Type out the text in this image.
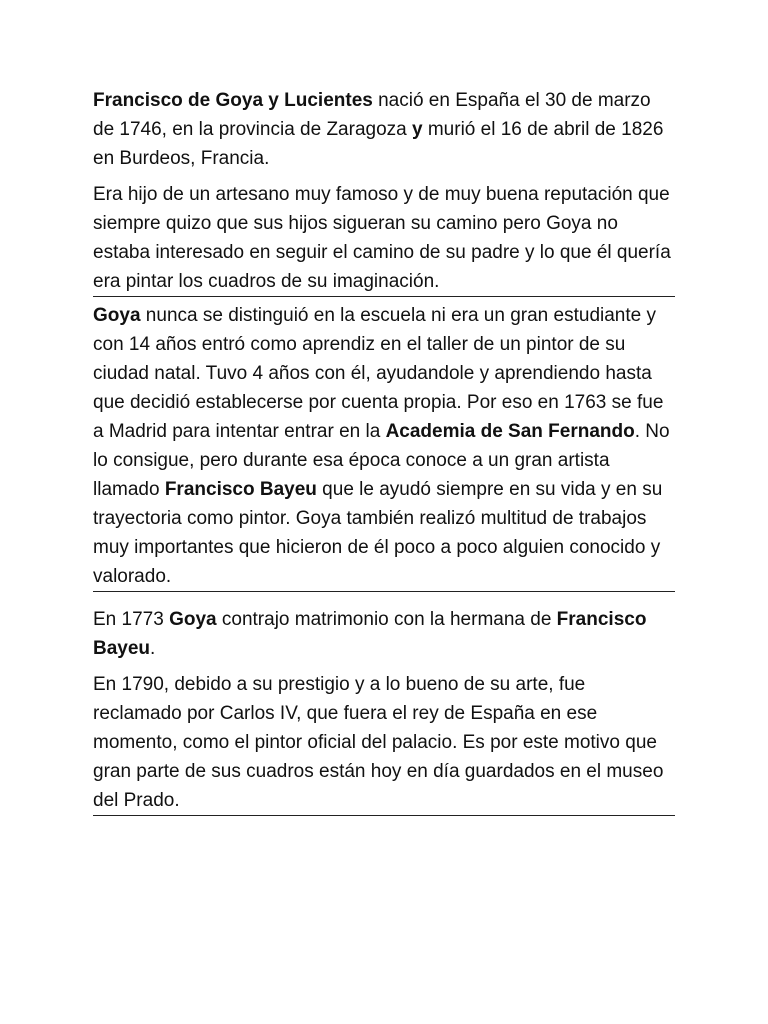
Francisco de Goya y Lucientes nació en España el 30 de marzo de 1746, en la provincia de Zaragoza y murió el 16 de abril de 1826 en Burdeos, Francia.

Era hijo de un artesano muy famoso y de muy buena reputación que siempre quizo que sus hijos sigueran su camino pero Goya no estaba interesado en seguir el camino de su padre y lo que él quería era pintar los cuadros de su imaginación.

Goya nunca se distinguió en la escuela ni era un gran estudiante y con 14 años entró como aprendiz en el taller de un pintor de su ciudad natal. Tuvo 4 años con él, ayudandole y aprendiendo hasta que decidió establecerse por cuenta propia. Por eso en 1763 se fue a Madrid para intentar entrar en la Academia de San Fernando. No lo consigue, pero durante esa época conoce a un gran artista llamado Francisco Bayeu que le ayudó siempre en su vida y en su trayectoria como pintor. Goya también realizó multitud de trabajos muy importantes que hicieron de él poco a poco alguien conocido y valorado.

En 1773 Goya contrajo matrimonio con la hermana de Francisco Bayeu.

En 1790, debido a su prestigio y a lo bueno de su arte, fue reclamado por Carlos IV, que fuera el rey de España en ese momento, como el pintor oficial del palacio. Es por este motivo que gran parte de sus cuadros están hoy en día guardados en el museo del Prado.
